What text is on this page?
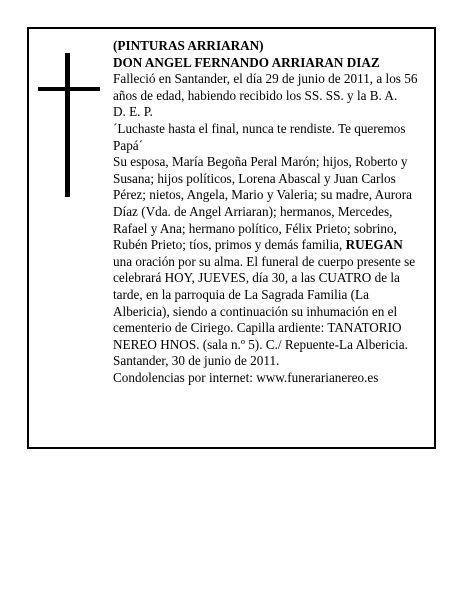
(PINTURAS ARRIARAN)

DON ANGEL FERNANDO ARRIARAN DIAZ

Falleció en Santander, el día 29 de junio de 2011, a los 56 años de edad, habiendo recibido los SS. SS. y la B. A.

D. E. P.

´Luchaste hasta el final, nunca te rendiste. Te queremos Papá´

Su esposa, María Begoña Peral Marón; hijos, Roberto y Susana; hijos políticos, Lorena Abascal y Juan Carlos Pérez; nietos, Angela, Mario y Valeria; su madre, Aurora Díaz (Vda. de Angel Arriaran); hermanos, Mercedes, Rafael y Ana; hermano político, Félix Prieto; sobrino, Rubén Prieto; tíos, primos y demás familia, RUEGAN una oración por su alma. El funeral de cuerpo presente se celebrará HOY, JUEVES, día 30, a las CUATRO de la tarde, en la parroquia de La Sagrada Familia (La Albericia), siendo a continuación su inhumación en el cementerio de Ciriego. Capilla ardiente: TANATORIO NEREO HNOS. (sala n.º 5). C./ Repuente-La Albericia.

Santander, 30 de junio de 2011.

Condolencias por internet: www.funerarianereo.es
